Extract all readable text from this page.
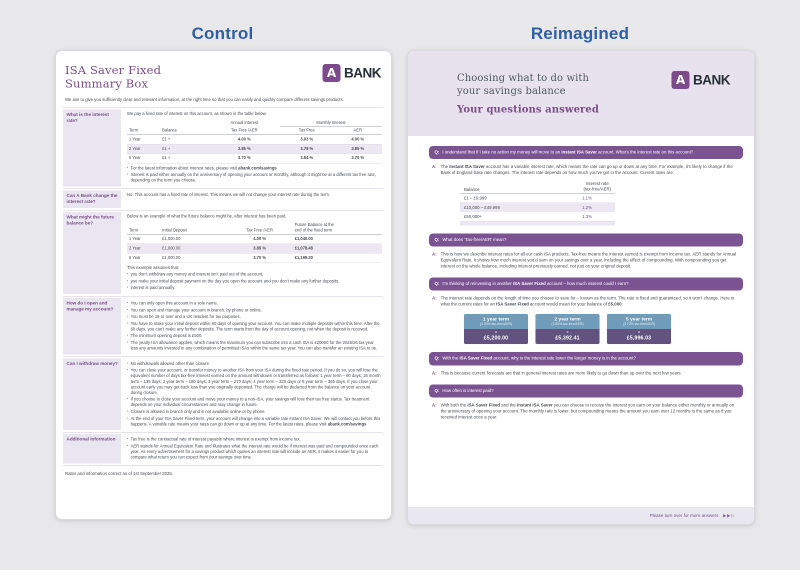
Control	Reimagined
ISA Saver Fixed
Summary Box
A BANK
We aim to give you sufficiently clear and relevant information, at the right time so that you can easily and quickly compare different savings products.
What is the interest rate?

We pay a fixed rate of interest on this account, as shown in the table below.

		Annual Interest	Monthly Interest	
Term	Balance	Tax Free /AER	Tax Free	AER
1 Year	£1 +	4.00 %	3.93 %	4.00 %
2 Year	£1 +	3.85 %	3.78 %	3.85 %
5 Year	£1 +	3.70 %	3.64 %	3.70 %
▪ For the latest information about interest rates, please visit abank.com/savings
▪ Interest is paid either annually on the anniversary of opening your account or monthly, although it might be at a different tax free rate, depending on the term you choose.
Can A Bank change the interest rate?

No. This account has a fixed rate of interest. This means we will not change your interest rate during the term.

What might the future balance be?

Below is an example of what the future balance might be, after interest has been paid.

Term	Initial Deposit	Tax Free /AER	Future Balance at the
end of the fixed term

1 Year	£1,000.00	4.00 %	£1,040.00
2 Year	£1,000.00	3.85 %	£1,078.48
5 Year	£1,000.00	3.70 %	£1,199.20

This example assumes that:

▪ you don’t withdraw any money and interest isn’t paid out of the account,
▪ you make your initial deposit payment on the day you open the account and you don’t make any further deposits,
▪ interest is paid annually.
How do I open and manage my account?
▪ You can only open this account in a sole name.
▪ You can open and manage your account in branch, by phone or online.
▪ You must be 18 or over and a UK resident for tax purposes.
▪ You have to make your initial deposit within 60 days of opening your account. You can make multiple deposits within this time. After the 60 days, you can’t make any further deposits. The term starts from the day of account opening, not when the deposit is received.
▪ The minimum opening deposit is £500.
▪ The yearly ISA allowance applies, which means the maximum you can subscribe into a cash ISA is £20000 for the 2025/26 tax year less any amounts invested in any combination of permitted ISAs within the same tax year. You can also transfer an existing ISA to us.
Can I withdraw money?	▪ No withdrawals allowed other than closure.
▪ You can close your account, or transfer money to another ISA from your ISA during the fixed rate period. If you do so, you will lose the equivalent number of days tax-free interest earned on the amount withdrawn or transferred as follows: 1 year term – 90 days; 18 month term – 135 days; 2 year term – 180 days; 3 year term – 270 days; 4 year term – 320 days or 5 year term – 365 days. If you close your account early you may get back less than you originally deposited. The charge will be deducted from the balance on your account during closure.
▪ If you choose to close your account and move your money to a non-ISA, your savings will lose their tax free status. Tax treatment depends on your individual circumstances and may change in future.
▪ Closure is allowed in branch only and is not available online or by phone.
▪ At the end of your ISA Saver Fixed term, your account will change into a variable rate Instant ISA Saver. We will contact you before this happens. A variable rate means your rates can go down or up at any time. For the latest rates, please visit abank.com/savings
Additional information	▪ Tax free is the contractual rate of interest payable where interest is exempt from income tax.
▪ AER stands for Annual Equivalent Rate and illustrates what the interest rate would be if interest was paid and compounded once each year. As every advertisement for a savings product which quotes an interest rate will include an AER, it makes it easier for you to compare what return you can expect from your savings over time.
Rates and information correct as of 1st September 2025.
Choosing what to do with
your savings balance
Your questions answered
A BANK
Q: I understand that if I take no action my money will move to an Instant ISA Saver account. What’s the interest rate on this account?
A: The Instant ISA Saver account has a variable interest rate, which means the rate can go up or down at any time. For example, it’s likely to change if the Bank of England base rate changes. The interest rate depends on how much you’ve got in the account. Current rates are:
Balance
Interest rate
(tax-free/AER)
£1 – £9,999	1.1%
£10,000 – £49,999	1.2%
£50,000+	1.3%
Q: What does ‘Tax-free/AER’ mean?
A: This is how we describe interest rates for all our cash ISA products. Tax-free means the interest earned is exempt from income tax. AER stands for Annual Equivalent Rate. It shows how much interest you’d earn on your savings over a year, including the effect of compounding. With compounding you get interest on the whole balance, including interest previously earned, not just on your original deposit.
Q: I’m thinking of reinvesting in another ISA Saver Fixed account – how much interest could I earn?
A: The interest rate depends on the length of time you choose to save for – known as the term. The rate is fixed and guaranteed, so it won’t change. Here is what the current rates for an ISA Saver Fixed account would mean for your balance of £5,000:
1 year term
(4.00% tax-free/AER)
=
£5,200.00
2 year term
(3.85% tax-free/AER)
=
£5,392.41
5 year term
(3.70% tax-free/AER)
=
£5,996.03
Q: With the ISA Saver Fixed account, why is the interest rate lower the longer money is in the account?
A: This is because current forecasts are that in general interest rates are more likely to go down than up over the next few years.
Q: How often is interest paid?
A: With both the ISA Saver Fixed and the Instant ISA Saver you can choose to receive the interest you earn on your balance either monthly or annually on the anniversary of opening your account. The monthly rate is lower, but compounding means the amount you earn over 12 months is the same as if you received interest once a year.
Please turn over for more answers ▶▶▷
